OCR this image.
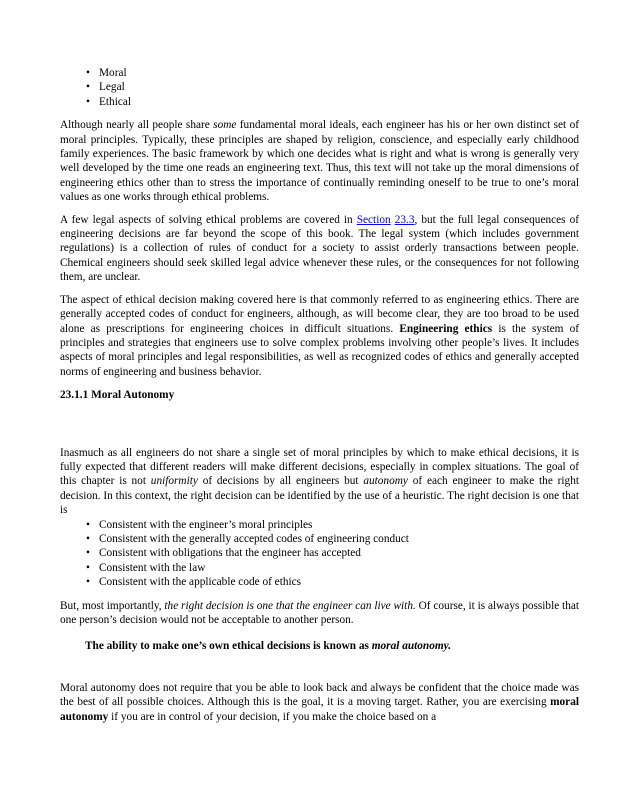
• Moral
• Legal
• Ethical

Although nearly all people share some fundamental moral ideals, each engineer has his or her own distinct set of moral principles. Typically, these principles are shaped by religion, conscience, and especially early childhood family experiences. The basic framework by which one decides what is right and what is wrong is generally very well developed by the time one reads an engineering text. Thus, this text will not take up the moral dimensions of engineering ethics other than to stress the importance of continually reminding oneself to be true to one’s moral values as one works through ethical problems.

A few legal aspects of solving ethical problems are covered in Section 23.3, but the full legal consequences of engineering decisions are far beyond the scope of this book. The legal system (which includes government regulations) is a collection of rules of conduct for a society to assist orderly transactions between people. Chemical engineers should seek skilled legal advice whenever these rules, or the consequences for not following them, are unclear.

The aspect of ethical decision making covered here is that commonly referred to as engineering ethics. There are generally accepted codes of conduct for engineers, although, as will become clear, they are too broad to be used alone as prescriptions for engineering choices in difficult situations. Engineering ethics is the system of principles and strategies that engineers use to solve complex problems involving other people’s lives. It includes aspects of moral principles and legal responsibilities, as well as recognized codes of ethics and generally accepted norms of engineering and business behavior.

23.1.1 Moral Autonomy

Inasmuch as all engineers do not share a single set of moral principles by which to make ethical decisions, it is fully expected that different readers will make different decisions, especially in complex situations. The goal of this chapter is not uniformity of decisions by all engineers but autonomy of each engineer to make the right decision. In this context, the right decision can be identified by the use of a heuristic. The right decision is one that is

• Consistent with the engineer’s moral principles
• Consistent with the generally accepted codes of engineering conduct
• Consistent with obligations that the engineer has accepted
• Consistent with the law
• Consistent with the applicable code of ethics

But, most importantly, the right decision is one that the engineer can live with. Of course, it is always possible that one person’s decision would not be acceptable to another person.

The ability to make one’s own ethical decisions is known as moral autonomy.

Moral autonomy does not require that you be able to look back and always be confident that the choice made was the best of all possible choices. Although this is the goal, it is a moving target. Rather, you are exercising moral autonomy if you are in control of your decision, if you make the choice based on a
